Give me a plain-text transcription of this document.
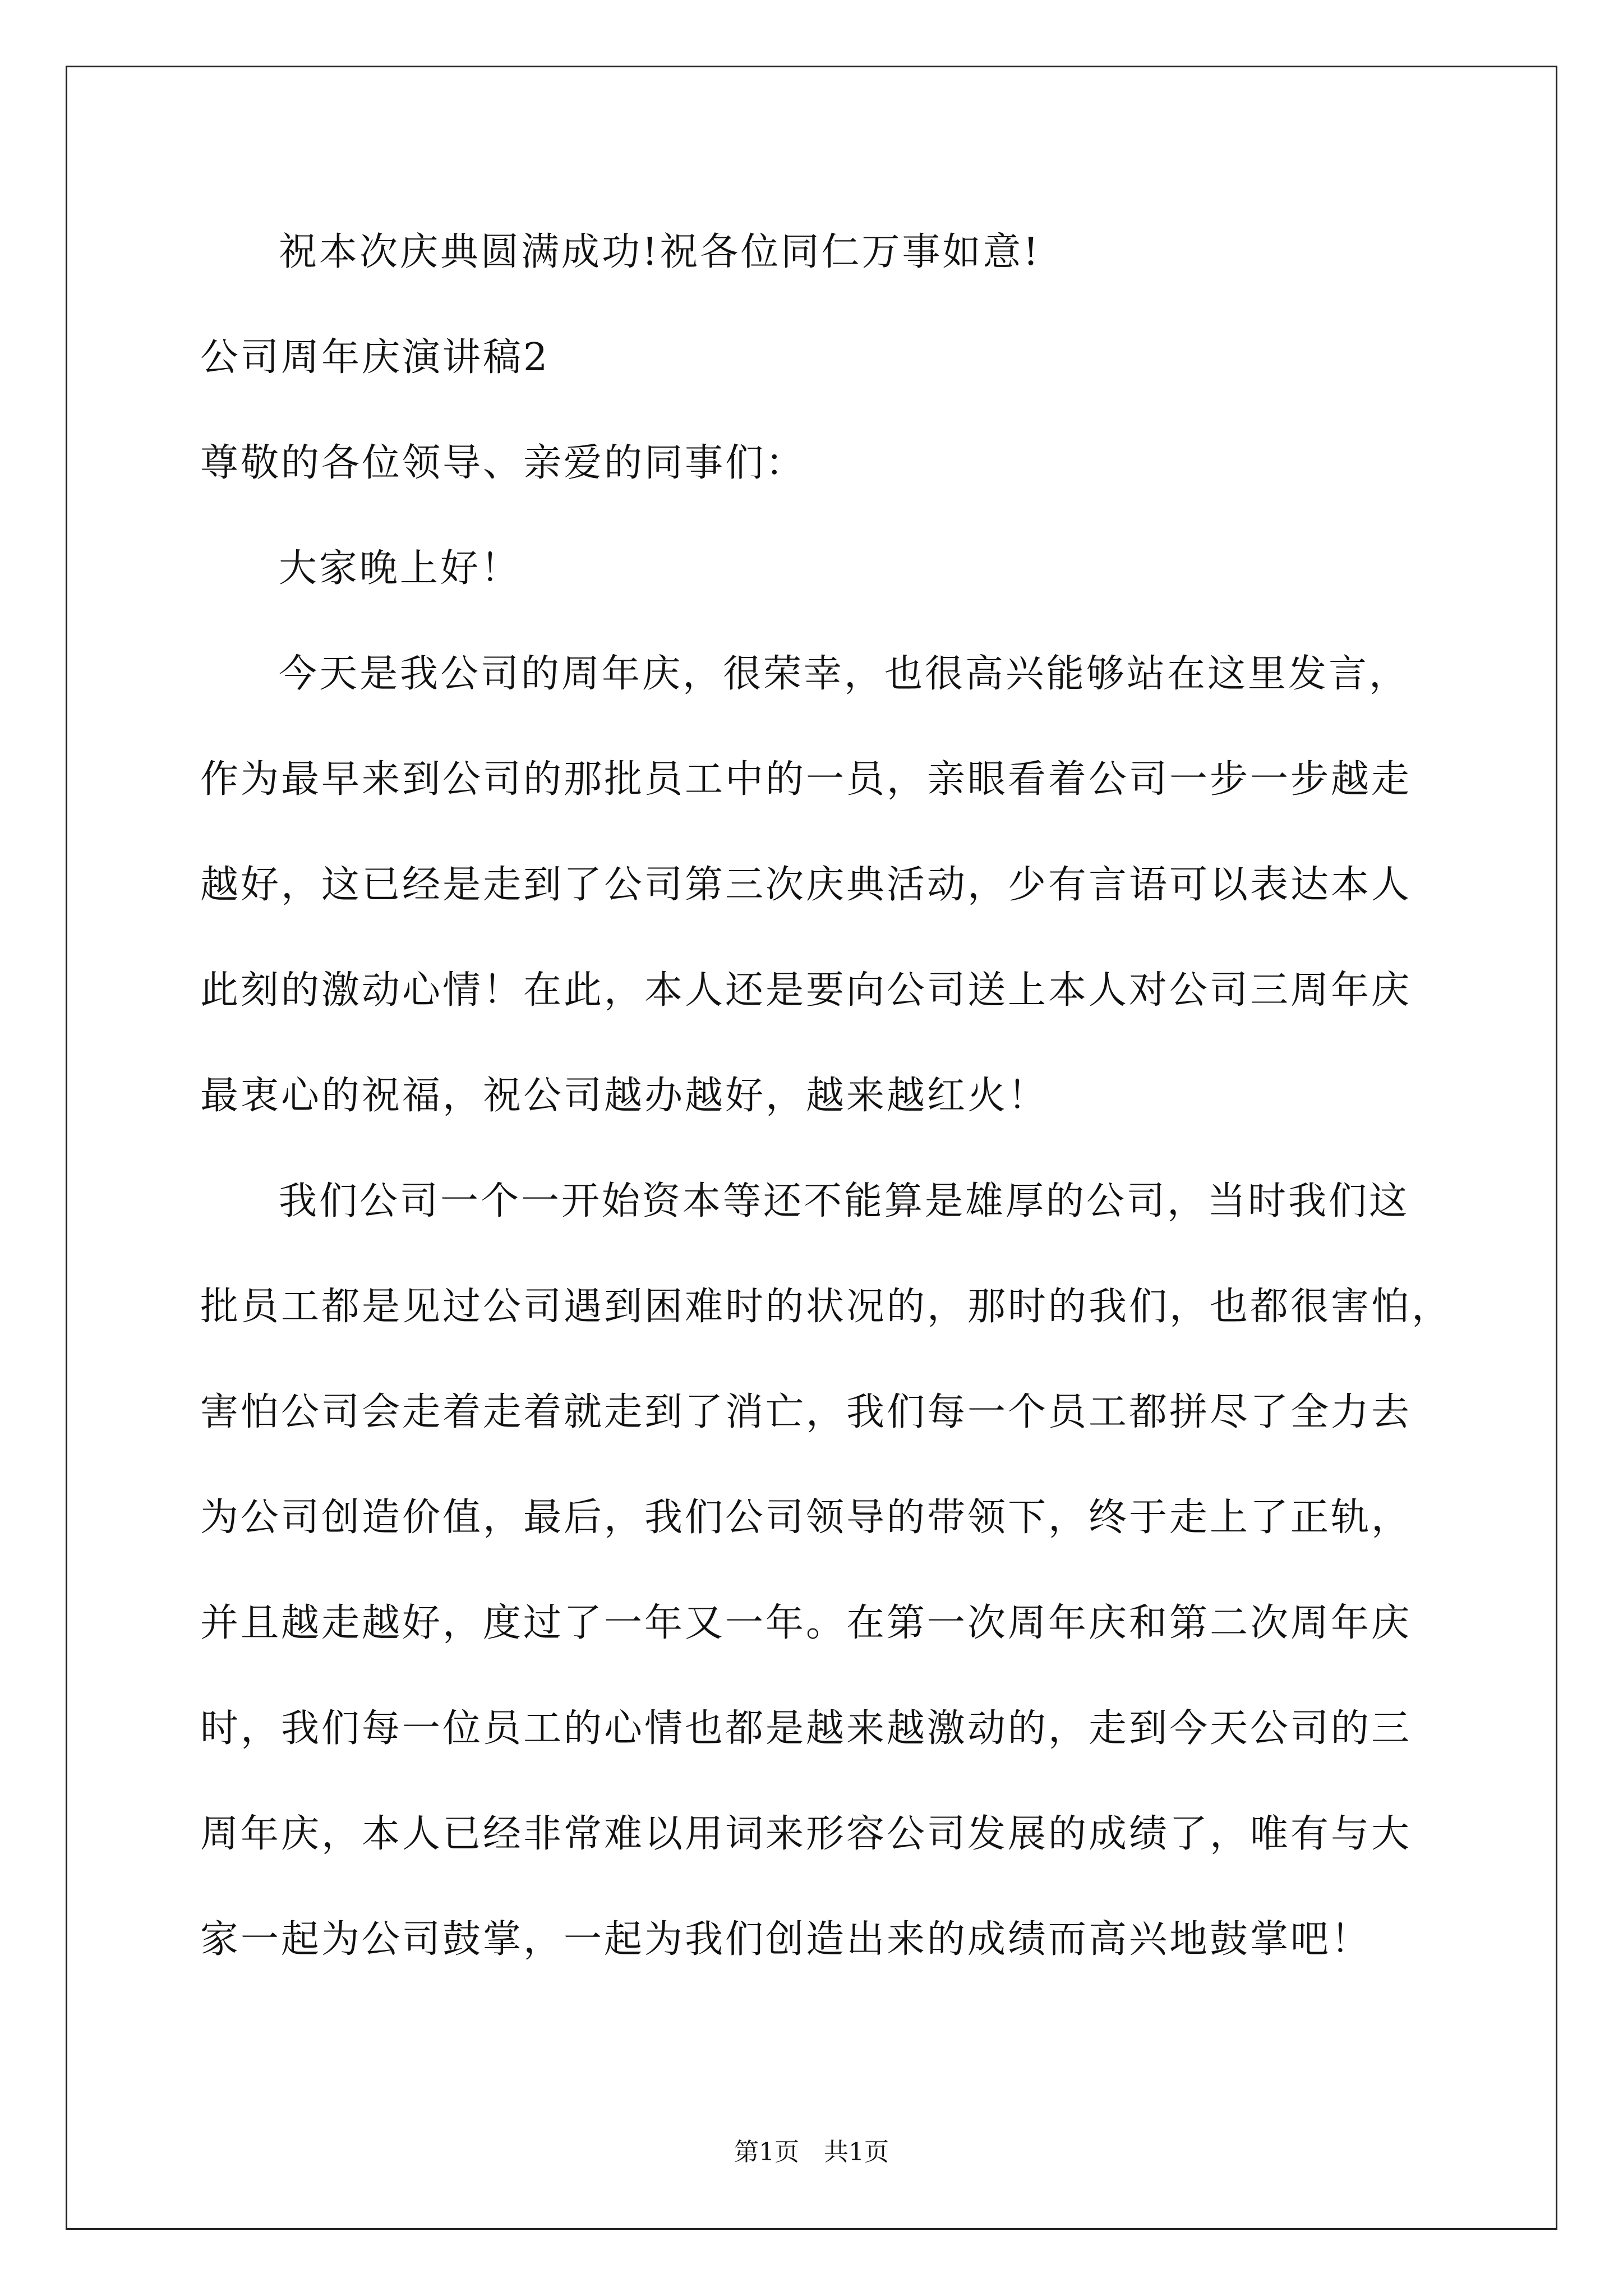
祝本次庆典圆满成功!祝各位同仁万事如意!
公司周年庆演讲稿2
尊敬的各位领导、亲爱的同事们：
大家晚上好！
今天是我公司的周年庆，很荣幸，也很高兴能够站在这里发言，
作为最早来到公司的那批员工中的一员，亲眼看着公司一步一步越走
越好，这已经是走到了公司第三次庆典活动，少有言语可以表达本人
此刻的激动心情！在此，本人还是要向公司送上本人对公司三周年庆
最衷心的祝福，祝公司越办越好，越来越红火！
我们公司一个一开始资本等还不能算是雄厚的公司，当时我们这
批员工都是见过公司遇到困难时的状况的，那时的我们，也都很害怕，
害怕公司会走着走着就走到了消亡，我们每一个员工都拼尽了全力去
为公司创造价值，最后，我们公司领导的带领下，终于走上了正轨，
并且越走越好，度过了一年又一年。在第一次周年庆和第二次周年庆
时，我们每一位员工的心情也都是越来越激动的，走到今天公司的三
周年庆，本人已经非常难以用词来形容公司发展的成绩了，唯有与大
家一起为公司鼓掌，一起为我们创造出来的成绩而高兴地鼓掌吧！
第1页　共1页
